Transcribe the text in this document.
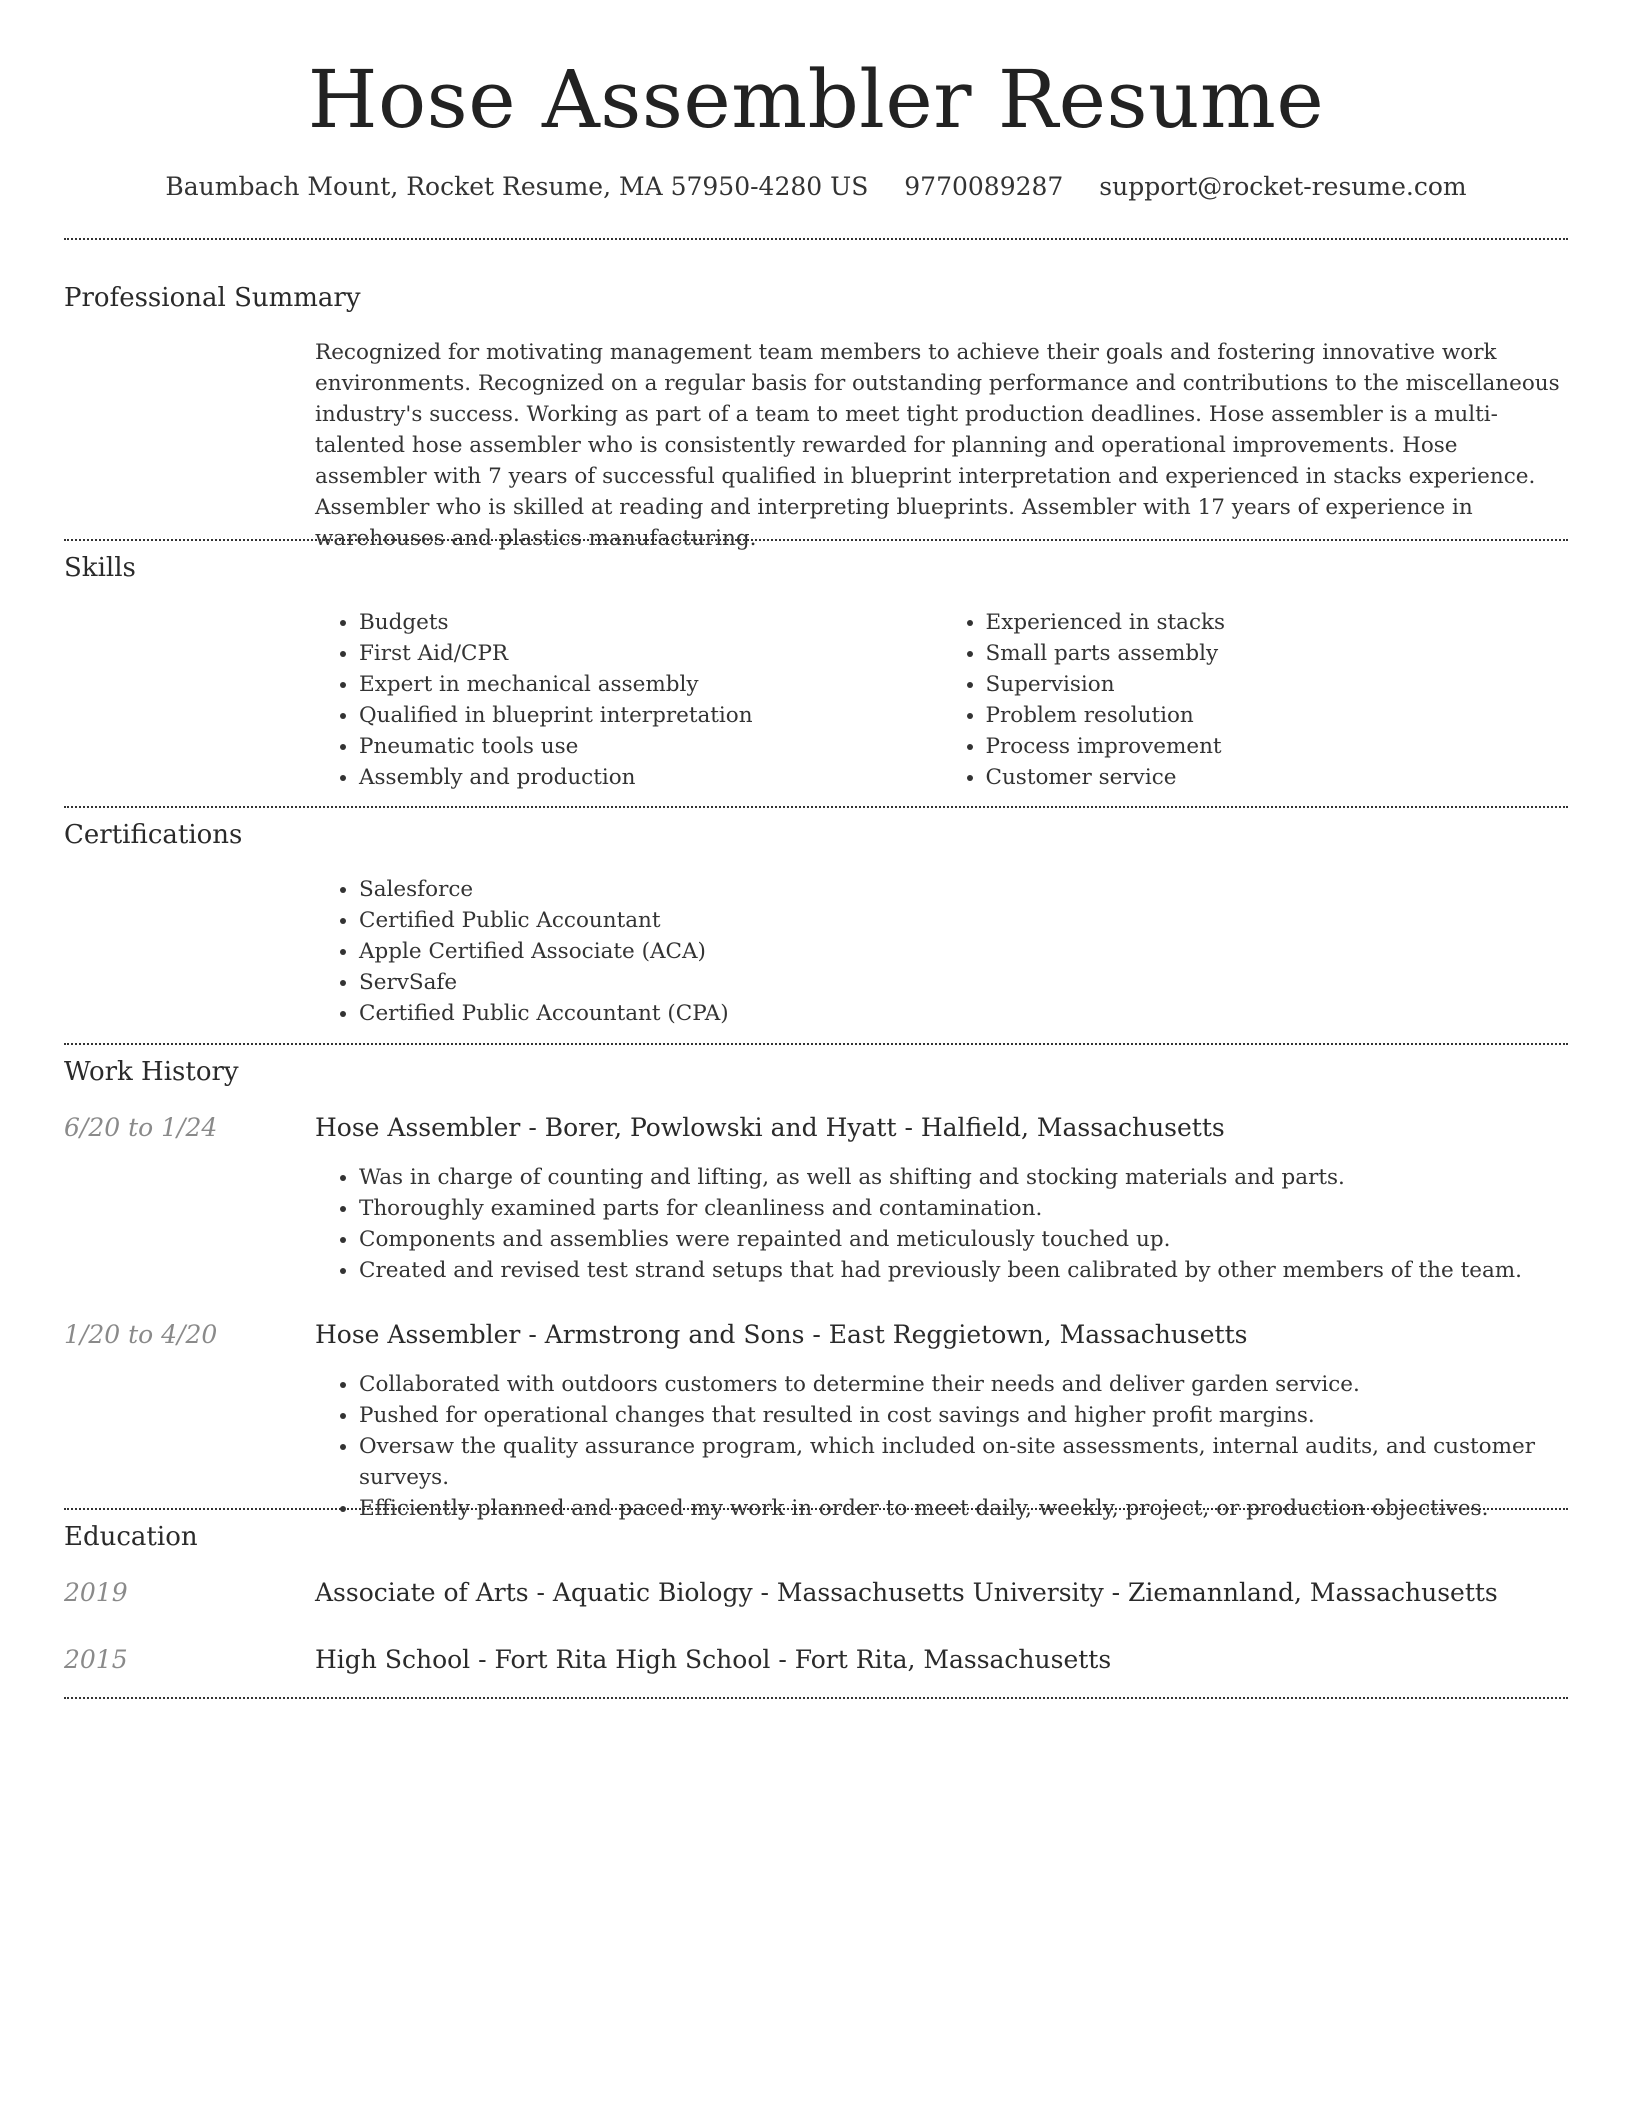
Hose Assembler Resume
Baumbach Mount, Rocket Resume, MA 57950-4280 US 9770089287 support@rocket-resume.com
Professional Summary

Recognized for motivating management team members to achieve their goals and fostering innovative work environments. Recognized on a regular basis for outstanding performance and contributions to the miscellaneous industry's success. Working as part of a team to meet tight production deadlines. Hose assembler is a multi-talented hose assembler who is consistently rewarded for planning and operational improvements. Hose assembler with 7 years of successful qualified in blueprint interpretation and experienced in stacks experience. Assembler who is skilled at reading and interpreting blueprints. Assembler with 17 years of experience in warehouses and plastics manufacturing.

Skills
• Budgets
• First Aid/CPR
• Expert in mechanical assembly
• Qualified in blueprint interpretation
• Pneumatic tools use
• Assembly and production
• Experienced in stacks
• Small parts assembly
• Supervision
• Problem resolution
• Process improvement
• Customer service
Certifications
• Salesforce
• Certified Public Accountant
• Apple Certified Associate (ACA)
• ServSafe
• Certified Public Accountant (CPA)
Work History
6/20 to 1/24	Hose Assembler - Borer, Powlowski and Hyatt - Halfield, Massachusetts
• Was in charge of counting and lifting, as well as shifting and stocking materials and parts.
• Thoroughly examined parts for cleanliness and contamination.
• Components and assemblies were repainted and meticulously touched up.
• Created and revised test strand setups that had previously been calibrated by other members of the team.
1/20 to 4/20	Hose Assembler - Armstrong and Sons - East Reggietown, Massachusetts
• Collaborated with outdoors customers to determine their needs and deliver garden service.
• Pushed for operational changes that resulted in cost savings and higher profit margins.
• Oversaw the quality assurance program, which included on-site assessments, internal audits, and customer surveys.
• Efficiently planned and paced my work in order to meet daily, weekly, project, or production objectives.
Education
2019	Associate of Arts - Aquatic Biology - Massachusetts University - Ziemannland, Massachusetts
2015	High School - Fort Rita High School - Fort Rita, Massachusetts
